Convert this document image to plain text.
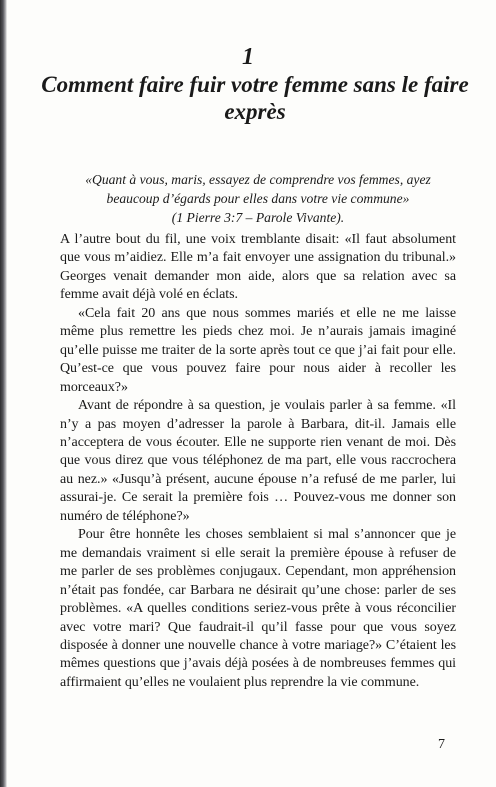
1
Comment faire fuir votre femme sans le faire exprès
«Quant à vous, maris, essayez de comprendre vos femmes, ayez beaucoup d’égards pour elles dans votre vie commune»
(1 Pierre 3:7 – Parole Vivante).

A l’autre bout du fil, une voix tremblante disait: «Il faut absolument que vous m’aidiez. Elle m’a fait envoyer une assignation du tribunal.» Georges venait demander mon aide, alors que sa relation avec sa femme avait déjà volé en éclats.

«Cela fait 20 ans que nous sommes mariés et elle ne me laisse même plus remettre les pieds chez moi. Je n’aurais jamais imaginé qu’elle puisse me traiter de la sorte après tout ce que j’ai fait pour elle. Qu’est-ce que vous pouvez faire pour nous aider à recoller les morceaux?»

Avant de répondre à sa question, je voulais parler à sa femme. «Il n’y a pas moyen d’adresser la parole à Barbara, dit-il. Jamais elle n’acceptera de vous écouter. Elle ne supporte rien venant de moi. Dès que vous direz que vous téléphonez de ma part, elle vous raccrochera au nez.» «Jusqu’à présent, aucune épouse n’a refusé de me parler, lui assurai-je. Ce serait la première fois … Pouvez-vous me donner son numéro de téléphone?»

Pour être honnête les choses semblaient si mal s’annoncer que je me demandais vraiment si elle serait la première épouse à refuser de me parler de ses problèmes conjugaux. Cependant, mon appréhension n’était pas fondée, car Barbara ne désirait qu’une chose: parler de ses problèmes. «A quelles conditions seriez-vous prête à vous réconcilier avec votre mari? Que faudrait-il qu’il fasse pour que vous soyez disposée à donner une nouvelle chance à votre mariage?» C’étaient les mêmes questions que j’avais déjà posées à de nombreuses femmes qui affirmaient qu’elles ne voulaient plus reprendre la vie commune.

7
